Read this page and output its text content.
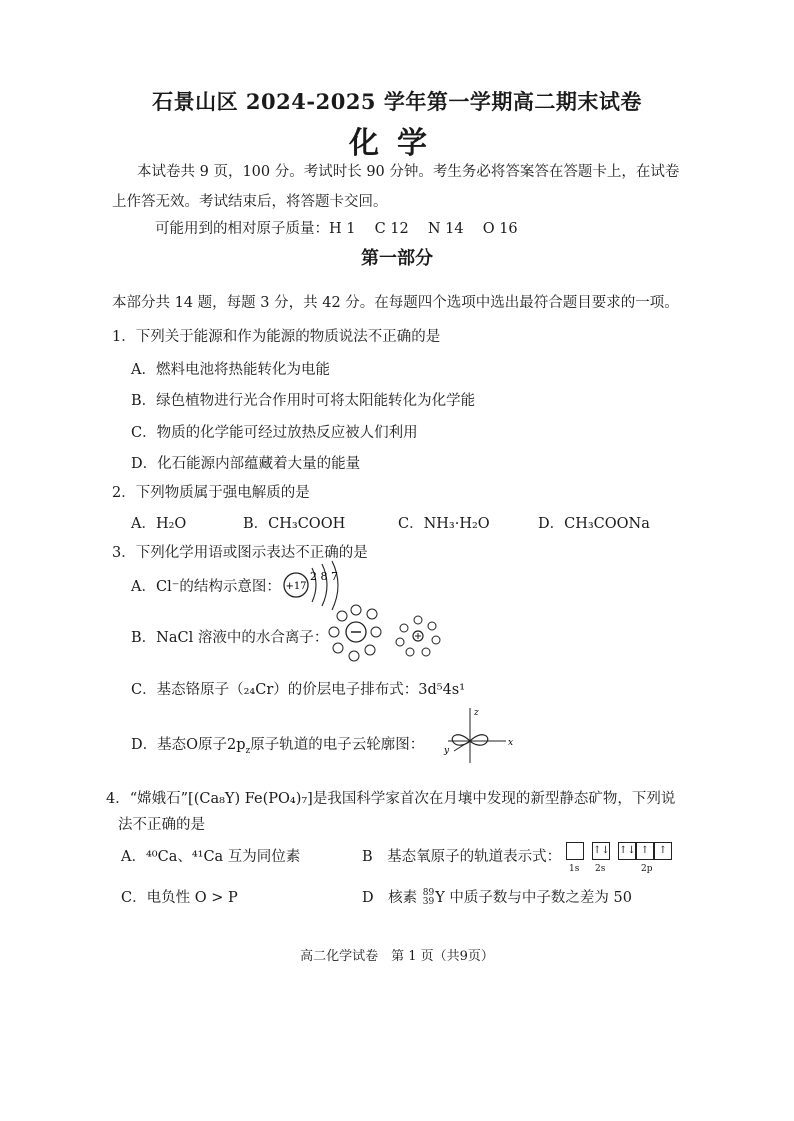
石景山区 2024-2025 学年第一学期高二期末试卷
化学
本试卷共 9 页，100 分。考试时长 90 分钟。考生务必将答案答在答题卡上，在试卷
上作答无效。考试结束后，将答题卡交回。
可能用到的相对原子质量：H 1　 C 12　 N 14　 O 16
第一部分
本部分共 14 题，每题 3 分，共 42 分。在每题四个选项中选出最符合题目要求的一项。
1．下列关于能源和作为能源的物质说法不正确的是
A．燃料电池将热能转化为电能
B．绿色植物进行光合作用时可将太阳能转化为化学能
C．物质的化学能可经过放热反应被人们利用
D．化石能源内部蕴藏着大量的能量
2．下列物质属于强电解质的是
A．H₂O	B．CH₃COOH	C．NH₃·H₂O	D．CH₃COONa
3．下列化学用语或图示表达不正确的是
A．Cl⁻的结构示意图： +17
2 8 7
B．NaCl 溶液中的水合离子：
C．基态铬原子（₂₄Cr）的价层电子排布式：3d⁵4s¹
D．基态O原子$2p_z$原子轨道的电子云轮廓图：
z
x
y
4．“嫦娥石”[(Ca₈Y) Fe(PO₄)₇]是我国科学家首次在月壤中发现的新型静态矿物，下列说
法不正确的是
A．⁴⁰Ca、⁴¹Ca 互为同位素	B　基态氧原子的轨道表示式：	↑↓ ↑↓ ↑ ↑
1s 2s	2p
C．电负性 O > P	D　核素 89
39 Y 中质子数与中子数之差为 50
高二化学试卷　第 1 页（共9页）
